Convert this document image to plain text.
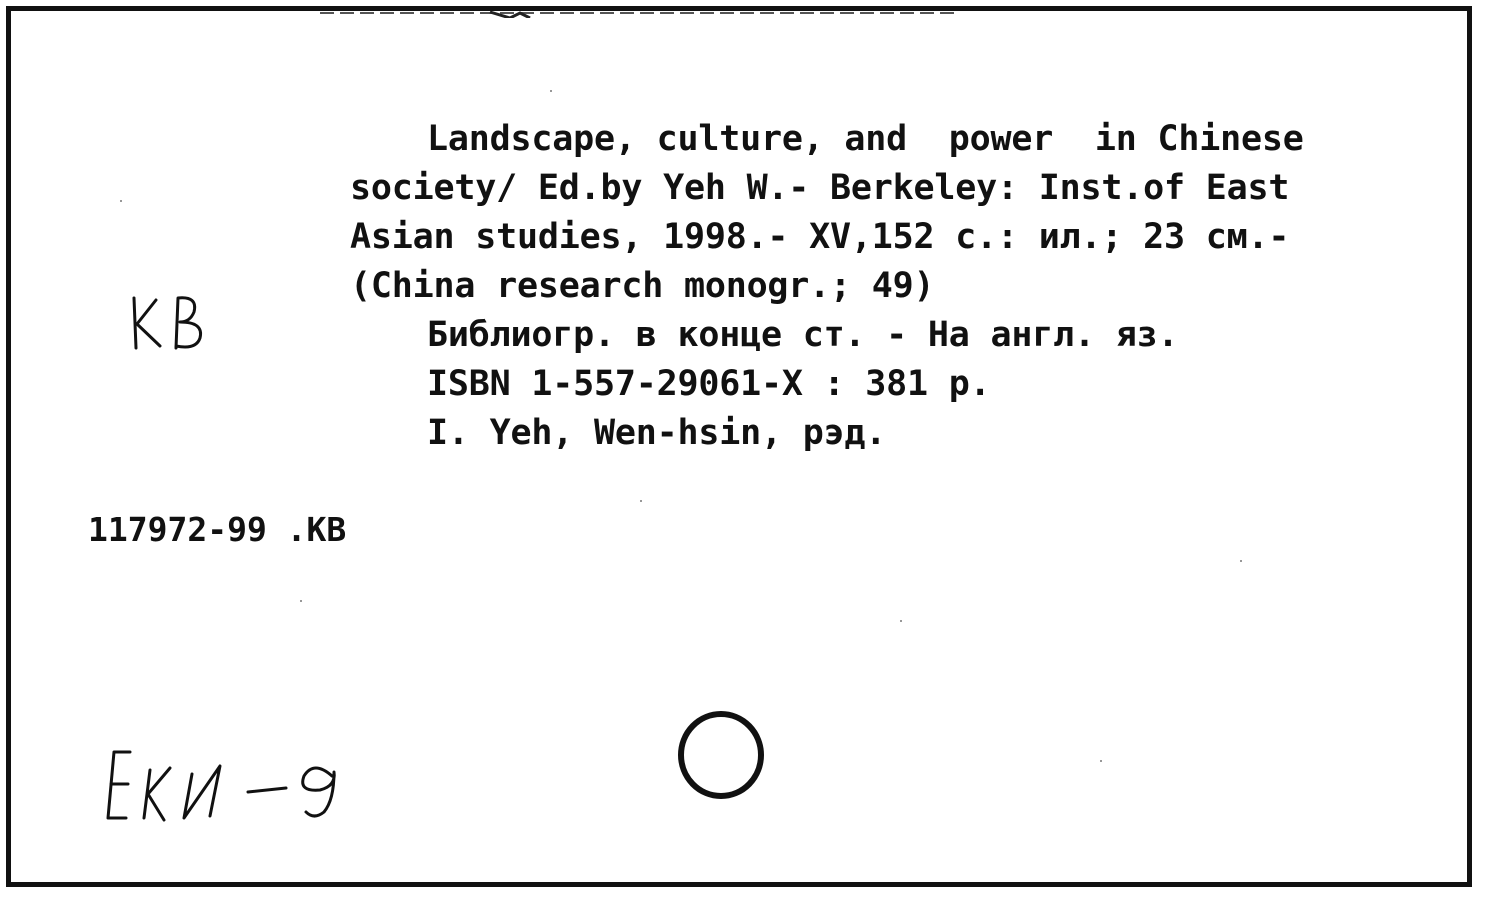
Landscape, culture, and  power  in Chinese
society/ Ed.by Yeh W.- Berkeley: Inst.of East
Asian studies, 1998.- XV,152 c.: ил.; 23 см.-
(China research monogr.; 49)
Библиогр. в конце ст. - На англ. яз.
ISBN 1-557-29061-X : 381 р.
I. Yeh, Wen-hsin, рэд.
117972-99 .КВ
